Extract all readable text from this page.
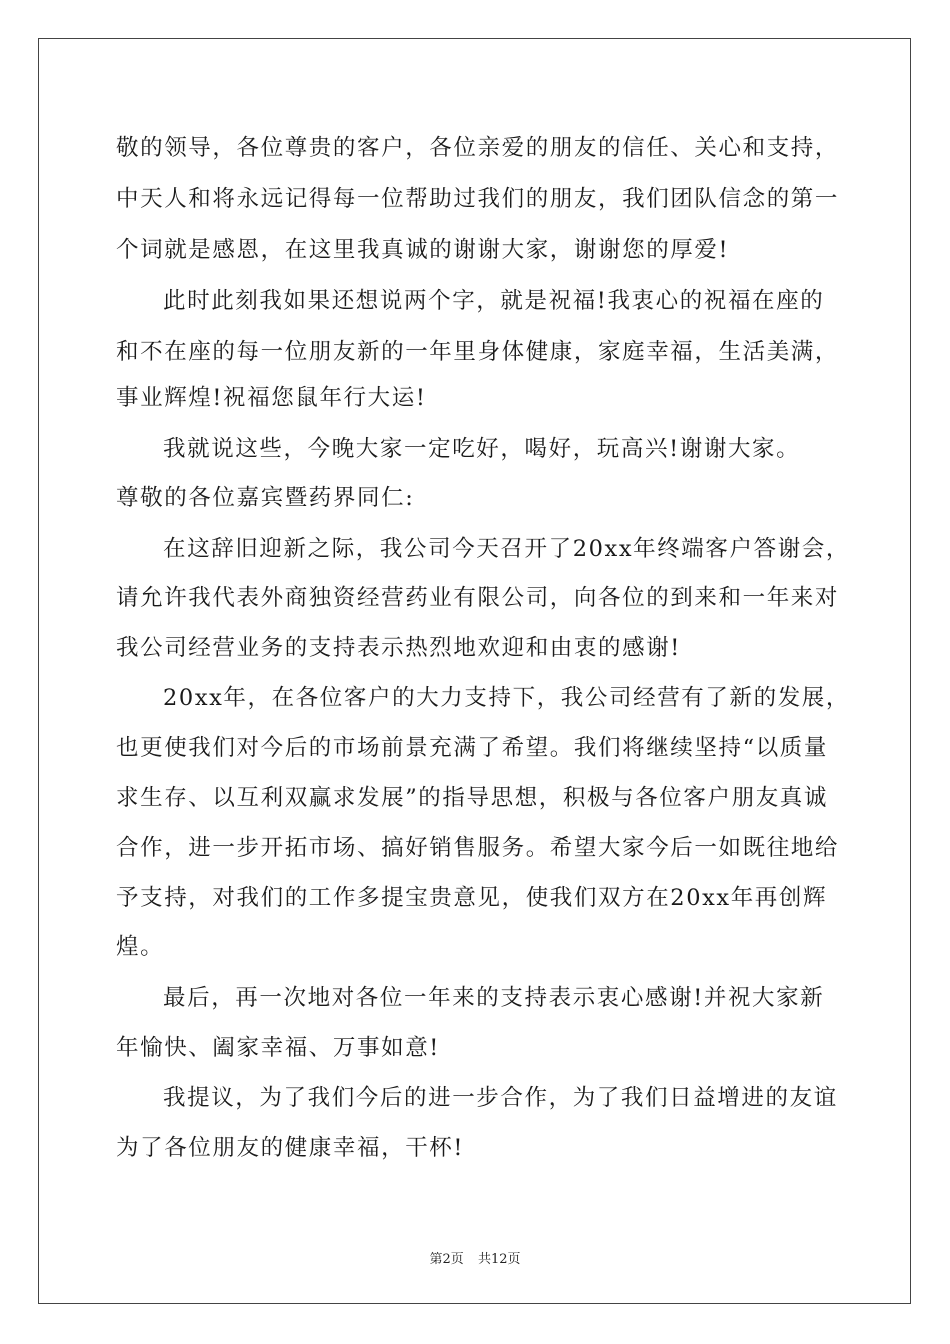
敬的领导，各位尊贵的客户，各位亲爱的朋友的信任、关心和支持，
中天人和将永远记得每一位帮助过我们的朋友，我们团队信念的第一
个词就是感恩，在这里我真诚的谢谢大家，谢谢您的厚爱!
此时此刻我如果还想说两个字，就是祝福!我衷心的祝福在座的
和不在座的每一位朋友新的一年里身体健康，家庭幸福，生活美满，
事业辉煌!祝福您鼠年行大运!
我就说这些，今晚大家一定吃好，喝好，玩高兴!谢谢大家。
尊敬的各位嘉宾暨药界同仁:
在这辞旧迎新之际，我公司今天召开了20xx年终端客户答谢会，
请允许我代表外商独资经营药业有限公司，向各位的到来和一年来对
我公司经营业务的支持表示热烈地欢迎和由衷的感谢!
20xx年，在各位客户的大力支持下，我公司经营有了新的发展，
也更使我们对今后的市场前景充满了希望。我们将继续坚持“以质量
求生存、以互利双赢求发展”的指导思想，积极与各位客户朋友真诚
合作，进一步开拓市场、搞好销售服务。希望大家今后一如既往地给
予支持，对我们的工作多提宝贵意见，使我们双方在20xx年再创辉
煌。
最后，再一次地对各位一年来的支持表示衷心感谢!并祝大家新
年愉快、阖家幸福、万事如意!
我提议，为了我们今后的进一步合作，为了我们日益增进的友谊
为了各位朋友的健康幸福，干杯!
第2页 共12页
